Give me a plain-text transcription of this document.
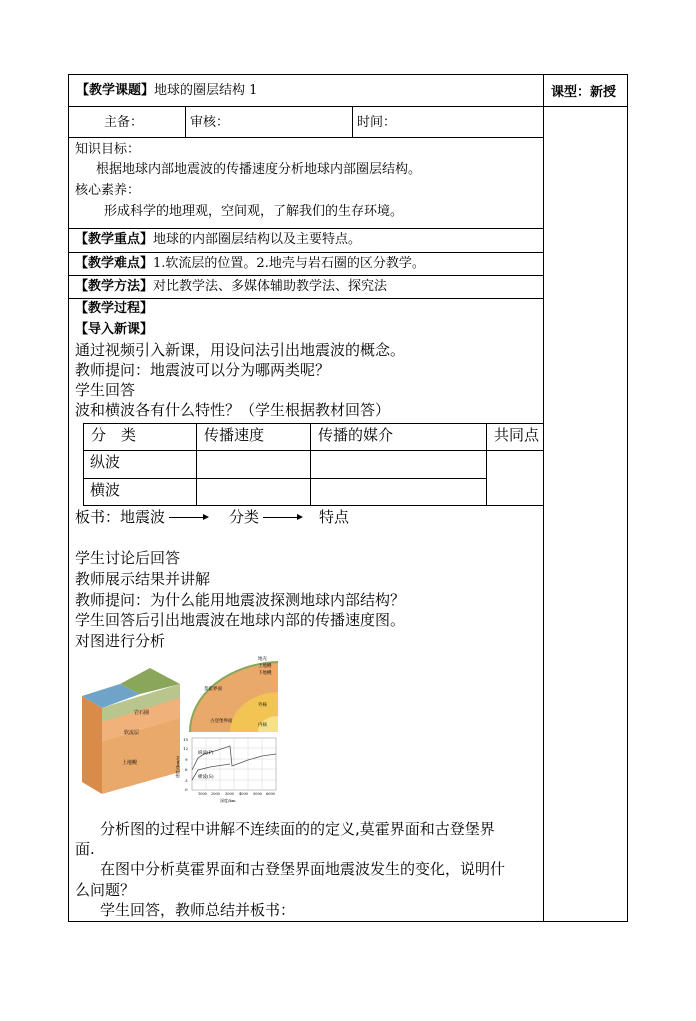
【教学课题】地球的圈层结构 1	课型：新授
主备：	审核：	时间：
知识目标：
根据地球内部地震波的传播速度分析地球内部圈层结构。
核心素养：
形成科学的地理观，空间观，了解我们的生存环境。
【教学重点】地球的内部圈层结构以及主要特点。
【教学难点】1.软流层的位置。2.地壳与岩石圈的区分教学。
【教学方法】对比教学法、多媒体辅助教学法、探究法
【教学过程】
【导入新课】
通过视频引入新课，用设问法引出地震波的概念。
教师提问：地震波可以分为哪两类呢？
学生回答
波和横波各有什么特性？（学生根据教材回答）
分　类	传播速度	传播的媒介	共同点
纵波
横波
板书：地震波	分类	特点
学生讨论后回答
教师展示结果并讲解
教师提问：为什么能用地震波探测地球内部结构？
学生回答后引出地震波在地球内部的传播速度图。
对图进行分析
岩石圈
软流层
上地幔
莫霍界面
古登堡界面
地壳
上地幔
下地幔
外核
内核
纵波(P)
横波(S)
15
12
9
6
3
0
速度/(km/s)
1000 2000 3000 4000 5000 6000
深度/km
分析图的过程中讲解不连续面的的定义,莫霍界面和古登堡界
面.
在图中分析莫霍界面和古登堡界面地震波发生的变化，说明什
么问题？
学生回答，教师总结并板书：
